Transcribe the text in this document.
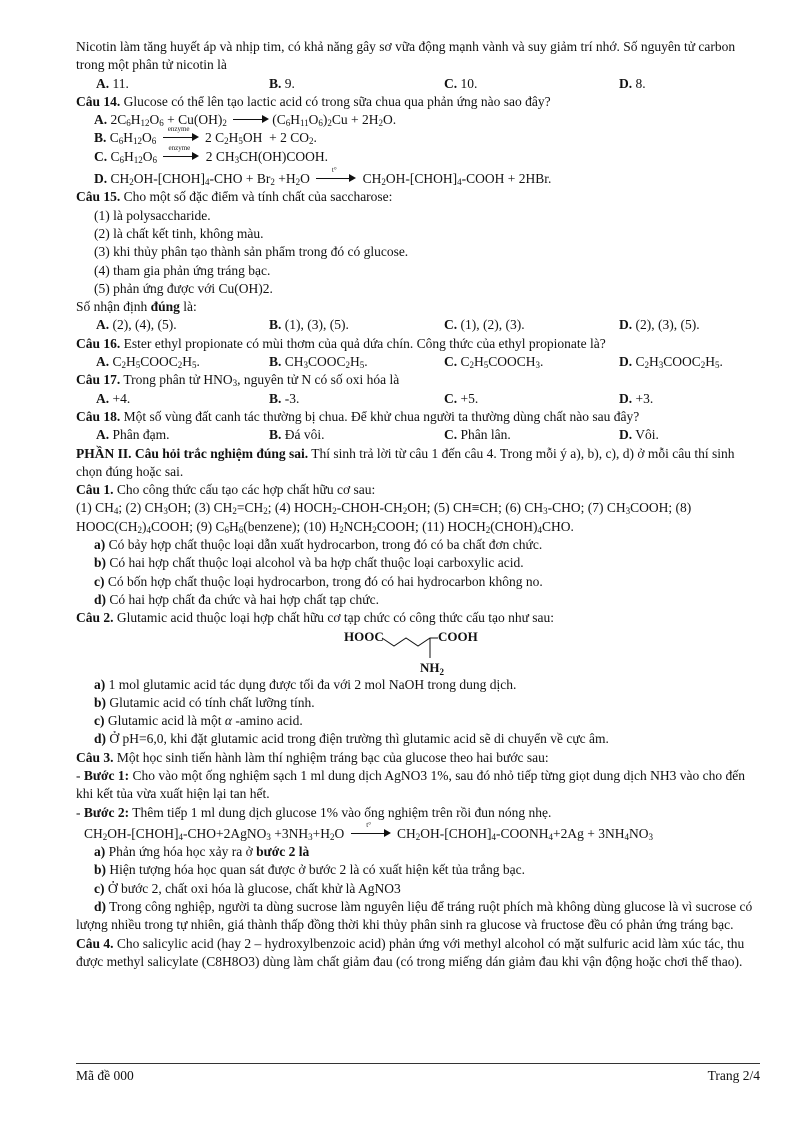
Nicotin làm tăng huyết áp và nhịp tim, có khả năng gây sơ vữa động mạnh vành và suy giảm trí nhớ. Số nguyên tử carbon trong một phân tử nicotin là
A. 11.	B. 9.	C. 10.	D. 8.
Câu 14. Glucose có thể lên tạo lactic acid có trong sữa chua qua phản ứng nào sao đây?
A. $2C_6H_{12}O_6 + Cu(OH)_2$	$(C_6H_{11}O_6)_2Cu + 2H_2O$.
B. $C_6H_{12}O_6$
enzyme
2 $C_2H_5OH + 2$ $CO_2$.
C. $C_6H_{12}O_6$
enzyme
2 $CH_3CH(OH)COOH$.
D. $CH_2OH-[CHOH]_4$-CHO + $Br_2 +H_2O$
t°
$CH_2OH-[CHOH]_4$-COOH + 2HBr.
Câu 15. Cho một số đặc điểm và tính chất của saccharose:
(1) là polysaccharide.
(2) là chất kết tinh, không màu.
(3) khi thủy phân tạo thành sản phẩm trong đó có glucose.
(4) tham gia phản ứng tráng bạc.
(5) phản ứng được với Cu(OH)2.
Số nhận định đúng là:
A. (2), (4), (5).	B. (1), (3), (5).	C. (1), (2), (3).	D. (2), (3), (5).
Câu 16. Ester ethyl propionate có mùi thơm của quả dứa chín. Công thức của ethyl propionate là?
A. $C_2H_5COOC_2H_5$.	B. $CH_3COOC_2H_5$.	C. $C_2H_5COOCH_3$.	D. $C_2H_3COOC_2H_5$.
Câu 17. Trong phân tử $HNO_3$, nguyên tử N có số oxi hóa là
A. +4.	B. -3.	C. +5.	D. +3.
Câu 18. Một số vùng đất canh tác thường bị chua. Để khử chua người ta thường dùng chất nào sau đây?
A. Phân đạm.	B. Đá vôi.	C. Phân lân.	D. Vôi.
PHẦN II. Câu hỏi trắc nghiệm đúng sai. Thí sinh trả lời từ câu 1 đến câu 4. Trong mỗi ý a), b), c), d) ở mỗi câu thí sinh chọn đúng hoặc sai.
Câu 1. Cho công thức cấu tạo các hợp chất hữu cơ sau:
(1) $CH_4$; (2) $CH_3OH$; (3) $CH_2=CH_2$; (4) $HOCH_2-CHOH-CH_2OH$; (5) CH≡CH; (6) $CH_3$-CHO; (7) $CH_3COOH$; (8) $HOOC(CH_2)_4COOH$; (9) $C_6H_6(benzene)$; (10) $H_2NCH_2COOH$; (11) $HOCH_2(CHOH)_4CHO$.
a) Có bảy hợp chất thuộc loại dẫn xuất hydrocarbon, trong đó có ba chất đơn chức.
b) Có hai hợp chất thuộc loại alcohol và ba hợp chất thuộc loại carboxylic acid.
c) Có bốn hợp chất thuộc loại hydrocarbon, trong đó có hai hydrocarbon không no.
d) Có hai hợp chất đa chức và hai hợp chất tạp chức.
Câu 2. Glutamic acid thuộc loại hợp chất hữu cơ tạp chức có công thức cấu tạo như sau:
HOOC	COOH
$NH_2$
a) 1 mol glutamic acid tác dụng được tối đa với 2 mol NaOH trong dung dịch.
b) Glutamic acid có tính chất lưỡng tính.
c) Glutamic acid là một α -amino acid.
d) Ở pH=6,0, khi đặt glutamic acid trong điện trường thì glutamic acid sẽ di chuyển về cực âm.
Câu 3. Một học sinh tiến hành làm thí nghiệm tráng bạc của glucose theo hai bước sau:
- Bước 1: Cho vào một ống nghiệm sạch 1 ml dung dịch AgNO3 1%, sau đó nhỏ tiếp từng giọt dung dịch NH3 vào cho đến khi kết tủa vừa xuất hiện lại tan hết.
- Bước 2: Thêm tiếp 1 ml dung dịch glucose 1% vào ống nghiệm trên rồi đun nóng nhẹ.
$CH_2OH-[CHOH]_4-CHO+2AgNO_3 +3NH_3+H_2O$
t°
$CH_2OH-[CHOH]_4-COONH_4+2Ag + 3NH_4NO_3$
a) Phản ứng hóa học xảy ra ở bước 2 là
b) Hiện tượng hóa học quan sát được ở bước 2 là có xuất hiện kết tủa trắng bạc.
c) Ở bước 2, chất oxi hóa là glucose, chất khử là AgNO3
d) Trong công nghiệp, người ta dùng sucrose làm nguyên liệu để tráng ruột phích mà không dùng glucose là vì sucrose có lượng nhiều trong tự nhiên, giá thành thấp đồng thời khi thủy phân sinh ra glucose và fructose đều có phản ứng tráng bạc.
Câu 4. Cho salicylic acid (hay 2 – hydroxylbenzoic acid) phản ứng với methyl alcohol có mặt sulfuric acid làm xúc tác, thu được methyl salicylate (C8H8O3) dùng làm chất giảm đau (có trong miếng dán giảm đau khi vận động hoặc chơi thể thao).
Mã đề 000	Trang 2/4
